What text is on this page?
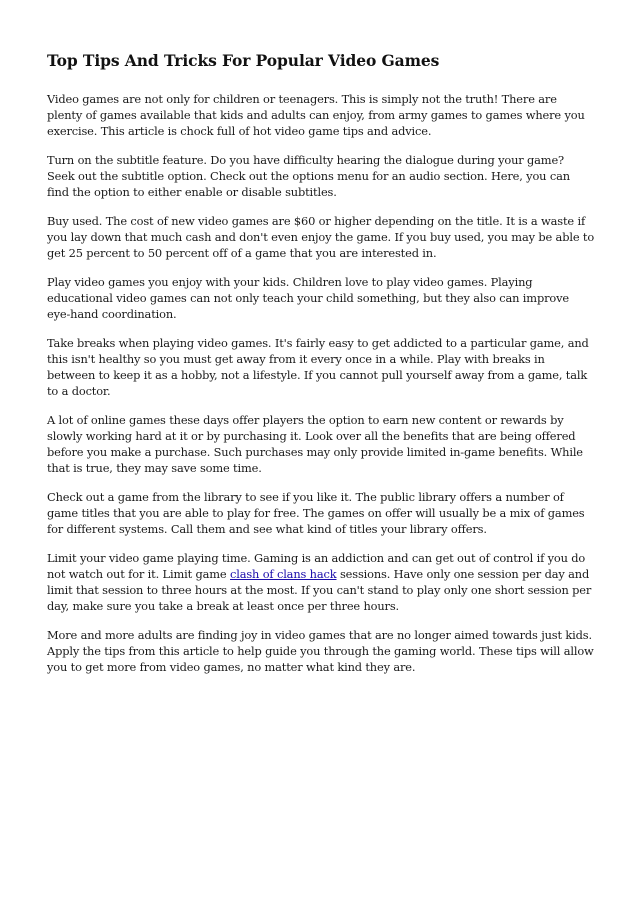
Top Tips And Tricks For Popular Video Games

Video games are not only for children or teenagers. This is simply not the truth! There are plenty of games available that kids and adults can enjoy, from army games to games where you exercise. This article is chock full of hot video game tips and advice.

Turn on the subtitle feature. Do you have difficulty hearing the dialogue during your game? Seek out the subtitle option. Check out the options menu for an audio section. Here, you can find the option to either enable or disable subtitles.

Buy used. The cost of new video games are $60 or higher depending on the title. It is a waste if you lay down that much cash and don't even enjoy the game. If you buy used, you may be able to get 25 percent to 50 percent off of a game that you are interested in.

Play video games you enjoy with your kids. Children love to play video games. Playing educational video games can not only teach your child something, but they also can improve eye-hand coordination.

Take breaks when playing video games. It's fairly easy to get addicted to a particular game, and this isn't healthy so you must get away from it every once in a while. Play with breaks in between to keep it as a hobby, not a lifestyle. If you cannot pull yourself away from a game, talk to a doctor.

A lot of online games these days offer players the option to earn new content or rewards by slowly working hard at it or by purchasing it. Look over all the benefits that are being offered before you make a purchase. Such purchases may only provide limited in-game benefits. While that is true, they may save some time.

Check out a game from the library to see if you like it. The public library offers a number of game titles that you are able to play for free. The games on offer will usually be a mix of games for different systems. Call them and see what kind of titles your library offers.

Limit your video game playing time. Gaming is an addiction and can get out of control if you do not watch out for it. Limit game clash of clans hack sessions. Have only one session per day and limit that session to three hours at the most. If you can't stand to play only one short session per day, make sure you take a break at least once per three hours.

More and more adults are finding joy in video games that are no longer aimed towards just kids. Apply the tips from this article to help guide you through the gaming world. These tips will allow you to get more from video games, no matter what kind they are.
